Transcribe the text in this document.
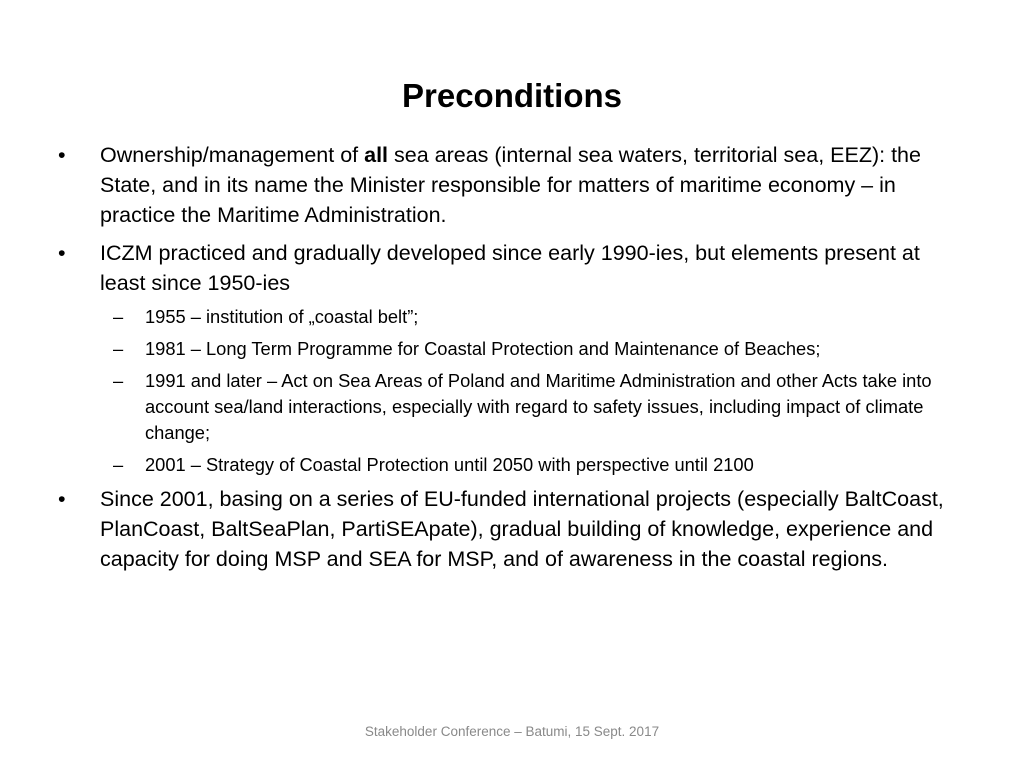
Preconditions
•	Ownership/management of all sea areas (internal sea waters, territorial sea, EEZ): the State, and in its name the Minister responsible for matters of maritime economy – in practice the Maritime Administration.
•	ICZM practiced and gradually developed since early 1990-ies, but elements present at least since 1950-ies
– 1955 – institution of „coastal belt”;
– 1981 – Long Term Programme for Coastal Protection and Maintenance of Beaches;
– 1991 and later – Act on Sea Areas of Poland and Maritime Administration and other Acts take into account sea/land interactions, especially with regard to safety issues, including impact of climate change;
– 2001 – Strategy of Coastal Protection until 2050 with perspective until 2100
•	Since 2001, basing on a series of EU-funded international projects (especially BaltCoast, PlanCoast, BaltSeaPlan, PartiSEApate), gradual building of knowledge, experience and capacity for doing MSP and SEA for MSP, and of awareness in the coastal regions.
Stakeholder Conference – Batumi, 15 Sept. 2017
